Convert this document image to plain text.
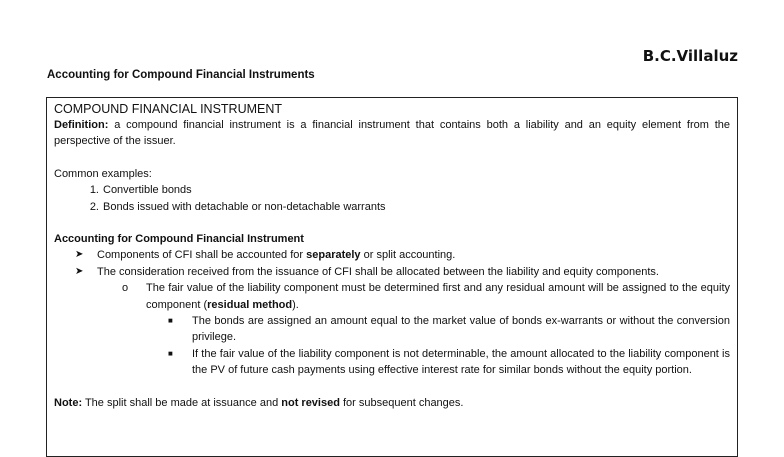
B.C.Villaluz
Accounting for Compound Financial Instruments

COMPOUND FINANCIAL INSTRUMENT

Definition: a compound financial instrument is a financial instrument that contains both a liability and an equity element from the perspective of the issuer.

Common examples:

1. Convertible bonds
2. Bonds issued with detachable or non-detachable warrants

Accounting for Compound Financial Instrument

➤	Components of CFI shall be accounted for separately or split accounting.
➤	The consideration received from the issuance of CFI shall be allocated between the liability and equity components.
o	The fair value of the liability component must be determined first and any residual amount will be assigned to the equity component (residual method).
■	The bonds are assigned an amount equal to the market value of bonds ex-warrants or without the conversion privilege.
■	If the fair value of the liability component is not determinable, the amount allocated to the liability component is the PV of future cash payments using effective interest rate for similar bonds without the equity portion.

Note: The split shall be made at issuance and not revised for subsequent changes.
